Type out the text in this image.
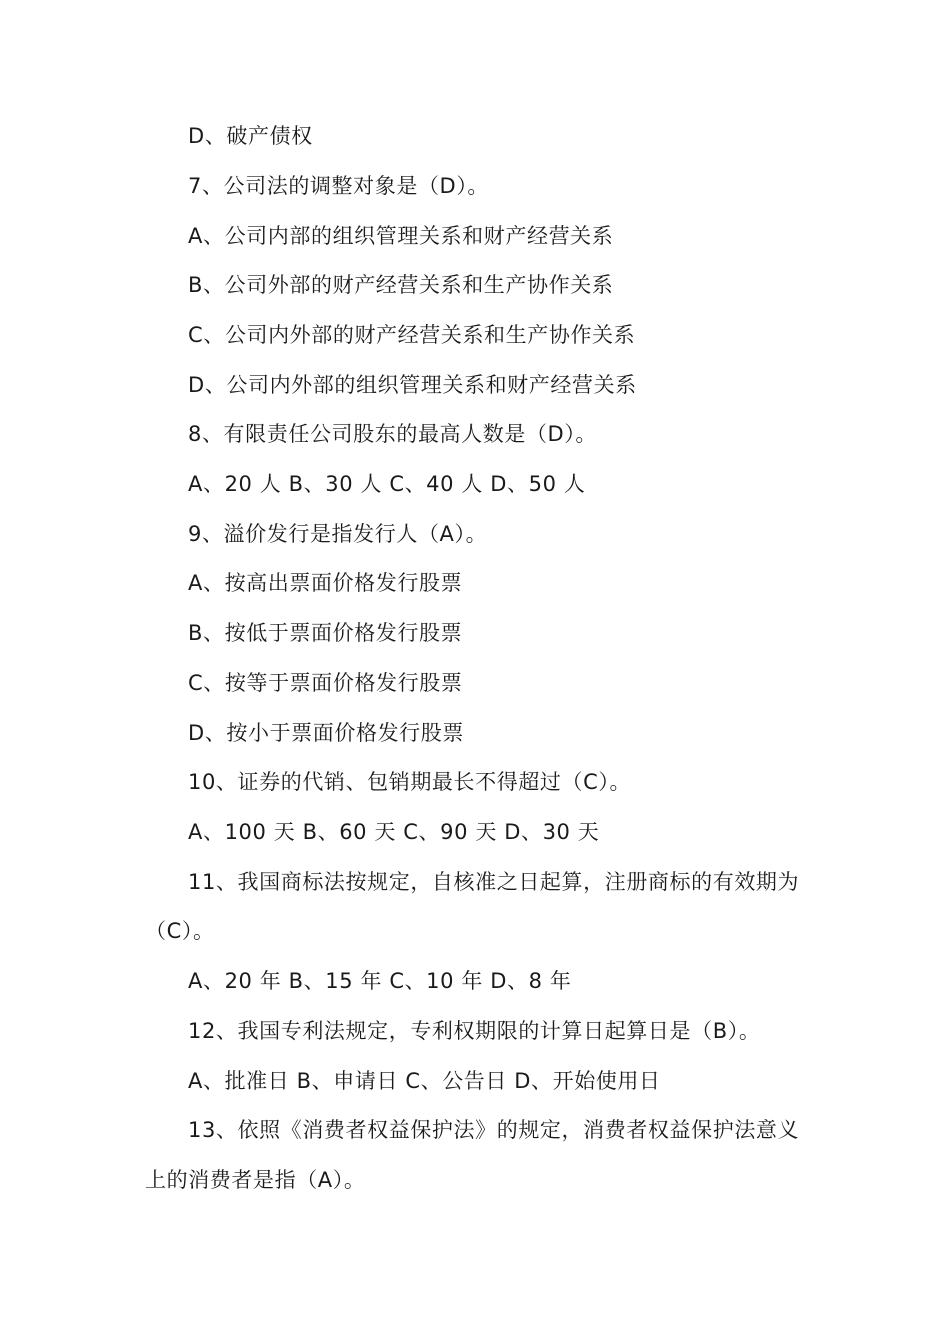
D、破产债权
7、公司法的调整对象是（D）。
A、公司内部的组织管理关系和财产经营关系
B、公司外部的财产经营关系和生产协作关系
C、公司内外部的财产经营关系和生产协作关系
D、公司内外部的组织管理关系和财产经营关系
8、有限责任公司股东的最高人数是（D）。
A、20 人 B、30 人 C、40 人 D、50 人
9、溢价发行是指发行人（A）。
A、按高出票面价格发行股票
B、按低于票面价格发行股票
C、按等于票面价格发行股票
D、按小于票面价格发行股票
10、证券的代销、包销期最长不得超过（C）。
A、100 天 B、60 天 C、90 天 D、30 天
11、我国商标法按规定，自核准之日起算，注册商标的有效期为
（C）。
A、20 年 B、15 年 C、10 年 D、8 年
12、我国专利法规定，专利权期限的计算日起算日是（B）。
A、批准日 B、申请日 C、公告日 D、开始使用日
13、依照《消费者权益保护法》的规定，消费者权益保护法意义
上的消费者是指（A）。
